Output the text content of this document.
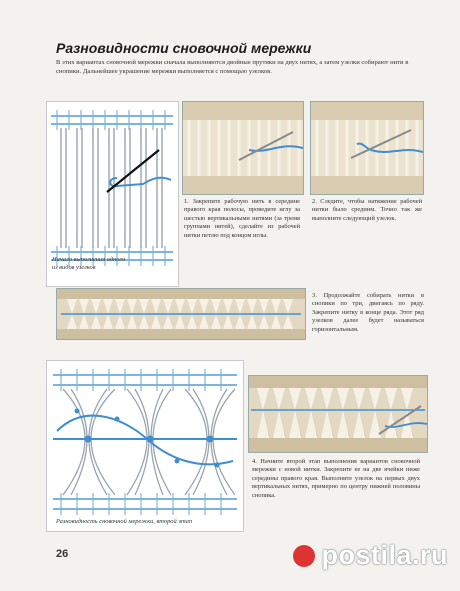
Разновидности сновочной мережки
В этих вариантах сновочной мережки сначала выполняются двойные прутики на двух нитях, а затем узелки собирают нити в снопики. Дальнейшее украшение мережки выполняется с помощью узелков.
Начало выполнения одного из видов узелков
1. Закрепите рабочую нить в середине правого края полосы, проведите иглу за шестью вертикальными нитями (за тремя группами нитей), сделайте из рабочей нитки петлю под концом иглы.
2. Следите, чтобы натяжение рабочей нитки было средним. Точно так же выполните следующий узелок.
3. Продолжайте собирать нитки в снопики по три, двигаясь по ряду. Закрепите нитку в конце ряда. Этот ряд узелков далее будет называться горизонтальным.
Разновидность сновочной мережки, второй этап
4. Начните второй этап выполнения вариантов сновочной мережки с новой нитки. Закрепите ее на две ячейки ниже середины правого края. Выполните узелок на первых двух вертикальных нитях, примерно по центру нижней половины снопика.
26	postila.ru
